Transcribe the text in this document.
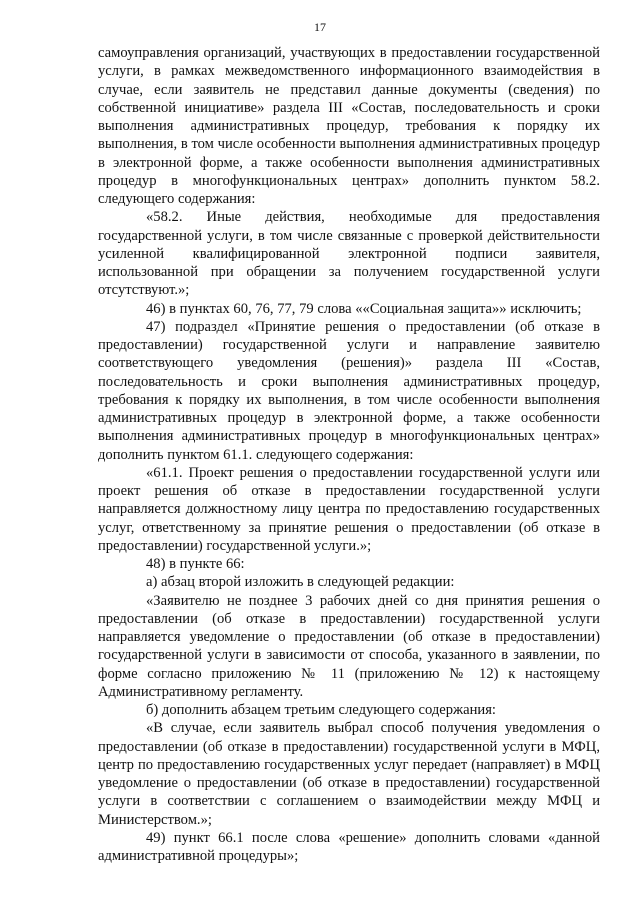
17

самоуправления организаций, участвующих в предоставлении государственной услуги, в рамках межведомственного информационного взаимодействия в случае, если заявитель не представил данные документы (сведения) по собственной инициативе» раздела III «Состав, последовательность и сроки выполнения административных процедур, требования к порядку их выполнения, в том числе особенности выполнения административных процедур в электронной форме, а также особенности выполнения административных процедур в многофункциональных центрах» дополнить пунктом 58.2. следующего содержания:

«58.2. Иные действия, необходимые для предоставления государственной услуги, в том числе связанные с проверкой действительности усиленной квалифицированной электронной подписи заявителя, использованной при обращении за получением государственной услуги отсутствуют.»;

46) в пунктах 60, 76, 77, 79 слова ««Социальная защита»» исключить;

47) подраздел «Принятие решения о предоставлении (об отказе в предоставлении) государственной услуги и направление заявителю соответствующего уведомления (решения)» раздела III «Состав, последовательность и сроки выполнения административных процедур, требования к порядку их выполнения, в том числе особенности выполнения административных процедур в электронной форме, а также особенности выполнения административных процедур в многофункциональных центрах» дополнить пунктом 61.1. следующего содержания:

«61.1. Проект решения о предоставлении государственной услуги или проект решения об отказе в предоставлении государственной услуги направляется должностному лицу центра по предоставлению государственных услуг, ответственному за принятие решения о предоставлении (об отказе в предоставлении) государственной услуги.»;

48) в пункте 66:

а) абзац второй изложить в следующей редакции:

«Заявителю не позднее 3 рабочих дней со дня принятия решения о предоставлении (об отказе в предоставлении) государственной услуги направляется уведомление о предоставлении (об отказе в предоставлении) государственной услуги в зависимости от способа, указанного в заявлении, по форме согласно приложению № 11 (приложению № 12) к настоящему Административному регламенту.

б) дополнить абзацем третьим следующего содержания:

«В случае, если заявитель выбрал способ получения уведомления о предоставлении (об отказе в предоставлении) государственной услуги в МФЦ, центр по предоставлению государственных услуг передает (направляет) в МФЦ уведомление о предоставлении (об отказе в предоставлении) государственной услуги в соответствии с соглашением о взаимодействии между МФЦ и Министерством.»;

49) пункт 66.1 после слова «решение» дополнить словами «данной административной процедуры»;
